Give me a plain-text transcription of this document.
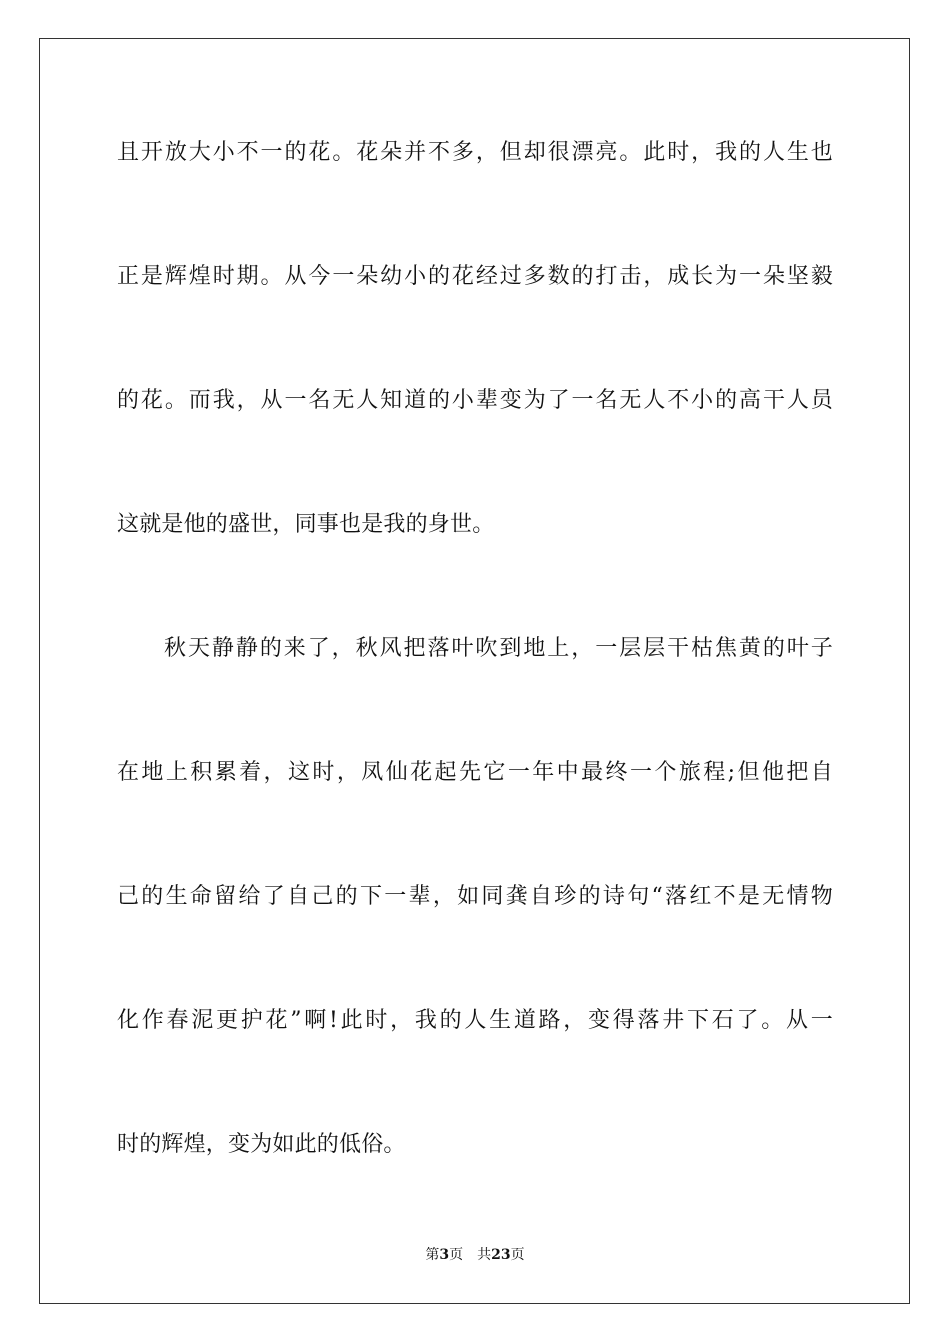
且开放大小不一的花。花朵并不多，但却很漂亮。此时，我的人生也
正是辉煌时期。从今一朵幼小的花经过多数的打击，成长为一朵坚毅
的花。而我，从一名无人知道的小辈变为了一名无人不小的高干人员
这就是他的盛世，同事也是我的身世。
秋天静静的来了，秋风把落叶吹到地上，一层层干枯焦黄的叶子
在地上积累着，这时，凤仙花起先它一年中最终一个旅程;但他把自
己的生命留给了自己的下一辈，如同龚自珍的诗句“落红不是无情物
化作春泥更护花”啊!此时，我的人生道路，变得落井下石了。从一
时的辉煌，变为如此的低俗。
第3页 共23页
